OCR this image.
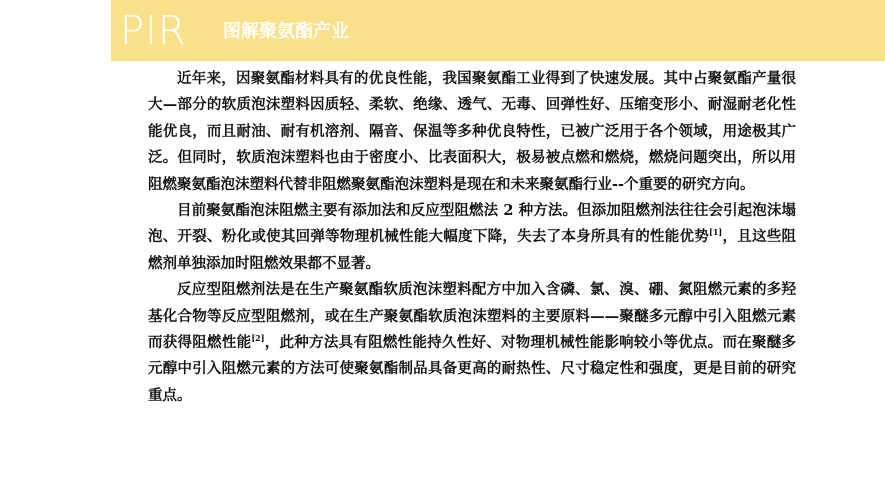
PIR 图解聚氨酯产业

近年来，因聚氨酯材料具有的优良性能，我国聚氨酯工业得到了快速发展。其中占聚氨酯产量很大—部分的软质泡沫塑料因质轻、柔软、绝缘、透气、无毒、回弹性好、压缩变形小、耐湿耐老化性能优良，而且耐油、耐有机溶剂、隔音、保温等多种优良特性，已被广泛用于各个领域，用途极其广泛。但同时，软质泡沫塑料也由于密度小、比表面积大，极易被点燃和燃烧，燃烧问题突出，所以用阻燃聚氨酯泡沫塑料代替非阻燃聚氨酯泡沫塑料是现在和未来聚氨酯行业--个重要的研究方向。

目前聚氨酯泡沫阻燃主要有添加法和反应型阻燃法 2 种方法。但添加阻燃剂法往往会引起泡沫塌泡、开裂、粉化或使其回弹等物理机械性能大幅度下降，失去了本身所具有的性能优势[1]，且这些阻燃剂单独添加时阻燃效果都不显著。

反应型阻燃剂法是在生产聚氨酯软质泡沫塑料配方中加入含磷、氯、溴、硼、氮阻燃元素的多羟基化合物等反应型阻燃剂，或在生产聚氨酯软质泡沫塑料的主要原料——聚醚多元醇中引入阻燃元素而获得阻燃性能[2]，此种方法具有阻燃性能持久性好、对物理机械性能影响较小等优点。而在聚醚多元醇中引入阻燃元素的方法可使聚氨酯制品具备更高的耐热性、尺寸稳定性和强度，更是目前的研究重点。
